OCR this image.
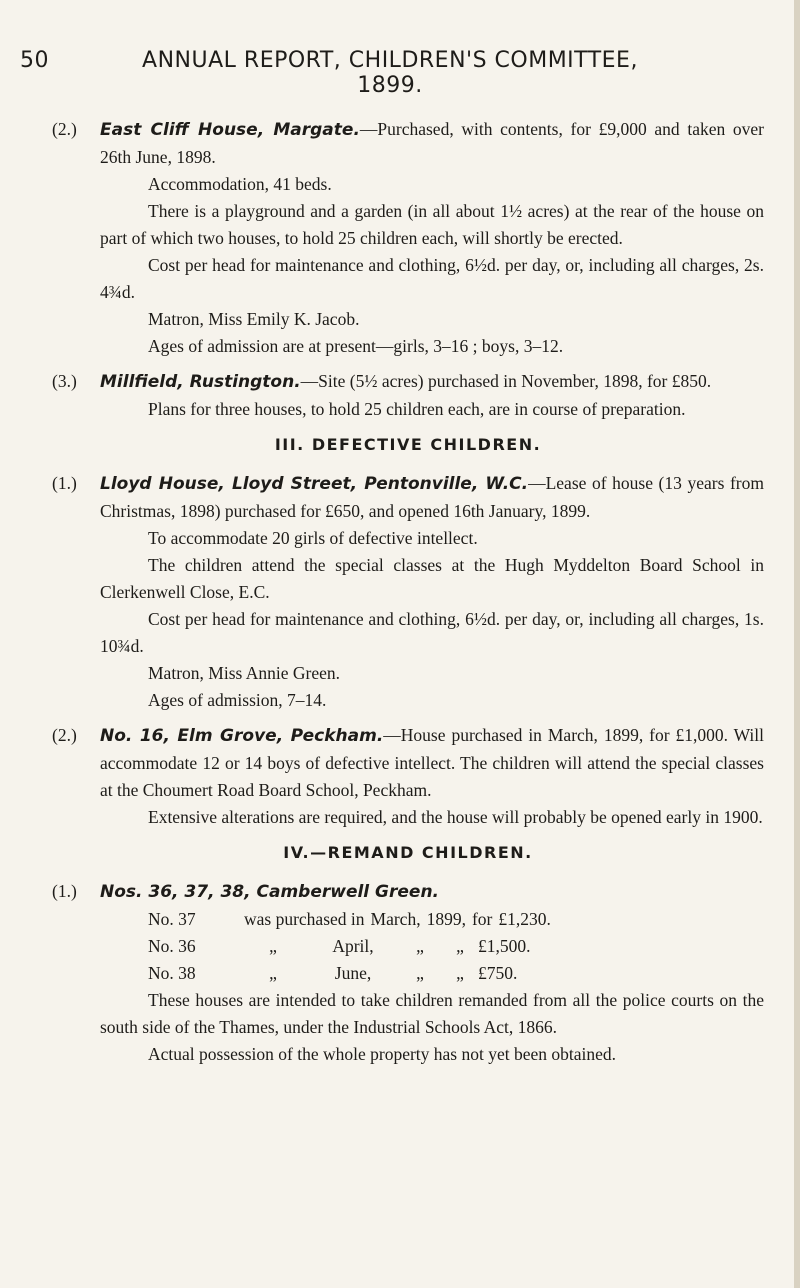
50	ANNUAL REPORT, CHILDREN'S COMMITTEE, 1899.
(2.) East Cliff House, Margate.—Purchased, with contents, for £9,000 and taken over 26th June, 1898.
Accommodation, 41 beds.
There is a playground and a garden (in all about 1½ acres) at the rear of the house on part of which two houses, to hold 25 children each, will shortly be erected.
Cost per head for maintenance and clothing, 6½d. per day, or, including all charges, 2s. 4¾d.
Matron, Miss Emily K. Jacob.
Ages of admission are at present—girls, 3–16 ; boys, 3–12.
(3.) Millfield, Rustington.—Site (5½ acres) purchased in November, 1898, for £850.
Plans for three houses, to hold 25 children each, are in course of preparation.
III. DEFECTIVE CHILDREN.
(1.) Lloyd House, Lloyd Street, Pentonville, W.C.—Lease of house (13 years from Christmas, 1898) purchased for £650, and opened 16th January, 1899.
To accommodate 20 girls of defective intellect.
The children attend the special classes at the Hugh Myddelton Board School in Clerkenwell Close, E.C.
Cost per head for maintenance and clothing, 6½d. per day, or, including all charges, 1s. 10¾d.
Matron, Miss Annie Green.
Ages of admission, 7–14.
(2.) No. 16, Elm Grove, Peckham.—House purchased in March, 1899, for £1,000. Will accommodate 12 or 14 boys of defective intellect. The children will attend the special classes at the Choumert Road Board School, Peckham.
Extensive alterations are required, and the house will probably be opened early in 1900.
IV.—REMAND CHILDREN.
(1.) Nos. 36, 37, 38, Camberwell Green.
No. 37	was purchased in March, 1899, for £1,230.
No. 36	„	April,	„	„ £1,500.
No. 38	„	June,	„	„ £750.
These houses are intended to take children remanded from all the police courts on the south side of the Thames, under the Industrial Schools Act, 1866.
Actual possession of the whole property has not yet been obtained.
